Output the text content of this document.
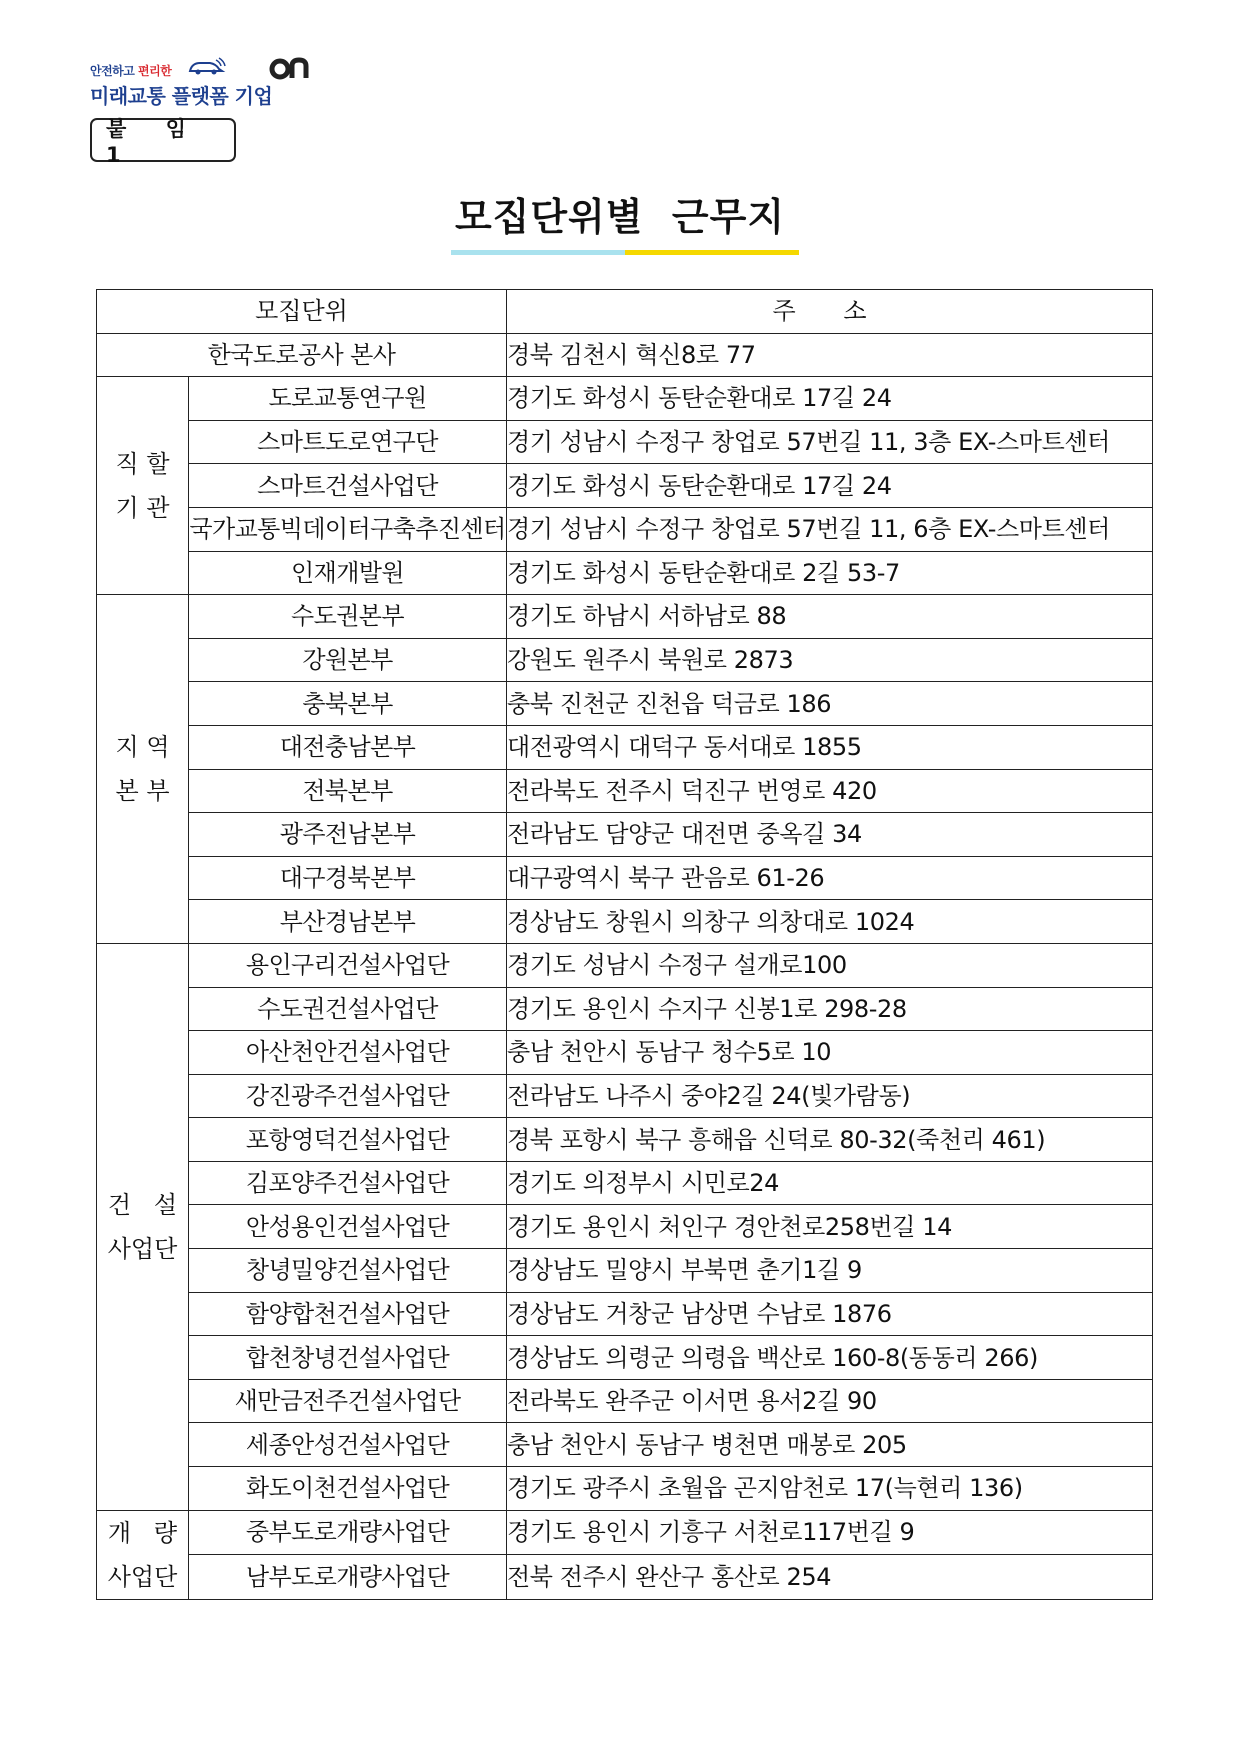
안전하고 편리한
미래교통 플랫폼 기업
붙 임 1
모집단위별  근무지
모집단위		주 소
한국도로공사 본사		경북 김천시 혁신8로 77

직 할
기 관	도로교통연구원	경기도 화성시 동탄순환대로 17길 24
	스마트도로연구단	경기 성남시 수정구 창업로 57번길 11, 3층 EX-스마트센터
	스마트건설사업단	경기도 화성시 동탄순환대로 17길 24
	국가교통빅데이터구축추진센터	경기 성남시 수정구 창업로 57번길 11, 6층 EX-스마트센터
	인재개발원	경기도 화성시 동탄순환대로 2길 53-7

지 역
본 부	수도권본부	경기도 하남시 서하남로 88
	강원본부	강원도 원주시 북원로 2873
	충북본부	충북 진천군 진천읍 덕금로 186
	대전충남본부	대전광역시 대덕구 동서대로 1855
	전북본부	전라북도 전주시 덕진구 번영로 420
	광주전남본부	전라남도 담양군 대전면 중옥길 34
	대구경북본부	대구광역시 북구 관음로 61-26
	부산경남본부	경상남도 창원시 의창구 의창대로 1024

건   설
사업단	용인구리건설사업단	경기도 성남시 수정구 설개로100
	수도권건설사업단	경기도 용인시 수지구 신봉1로 298-28
	아산천안건설사업단	충남 천안시 동남구 청수5로 10
	강진광주건설사업단	전라남도 나주시 중야2길 24(빛가람동)
	포항영덕건설사업단	경북 포항시 북구 흥해읍 신덕로 80-32(죽천리 461)
	김포양주건설사업단	경기도 의정부시 시민로24
	안성용인건설사업단	경기도 용인시 처인구 경안천로258번길 14
	창녕밀양건설사업단	경상남도 밀양시 부북면 춘기1길 9
	함양합천건설사업단	경상남도 거창군 남상면 수남로 1876
	합천창녕건설사업단	경상남도 의령군 의령읍 백산로 160-8(동동리 266)
	새만금전주건설사업단	전라북도 완주군 이서면 용서2길 90
	세종안성건설사업단	충남 천안시 동남구 병천면 매봉로 205
	화도이천건설사업단	경기도 광주시 초월읍 곤지암천로 17(늑현리 136)

개   량
사업단	중부도로개량사업단	경기도 용인시 기흥구 서천로117번길 9
	남부도로개량사업단	전북 전주시 완산구 홍산로 254
